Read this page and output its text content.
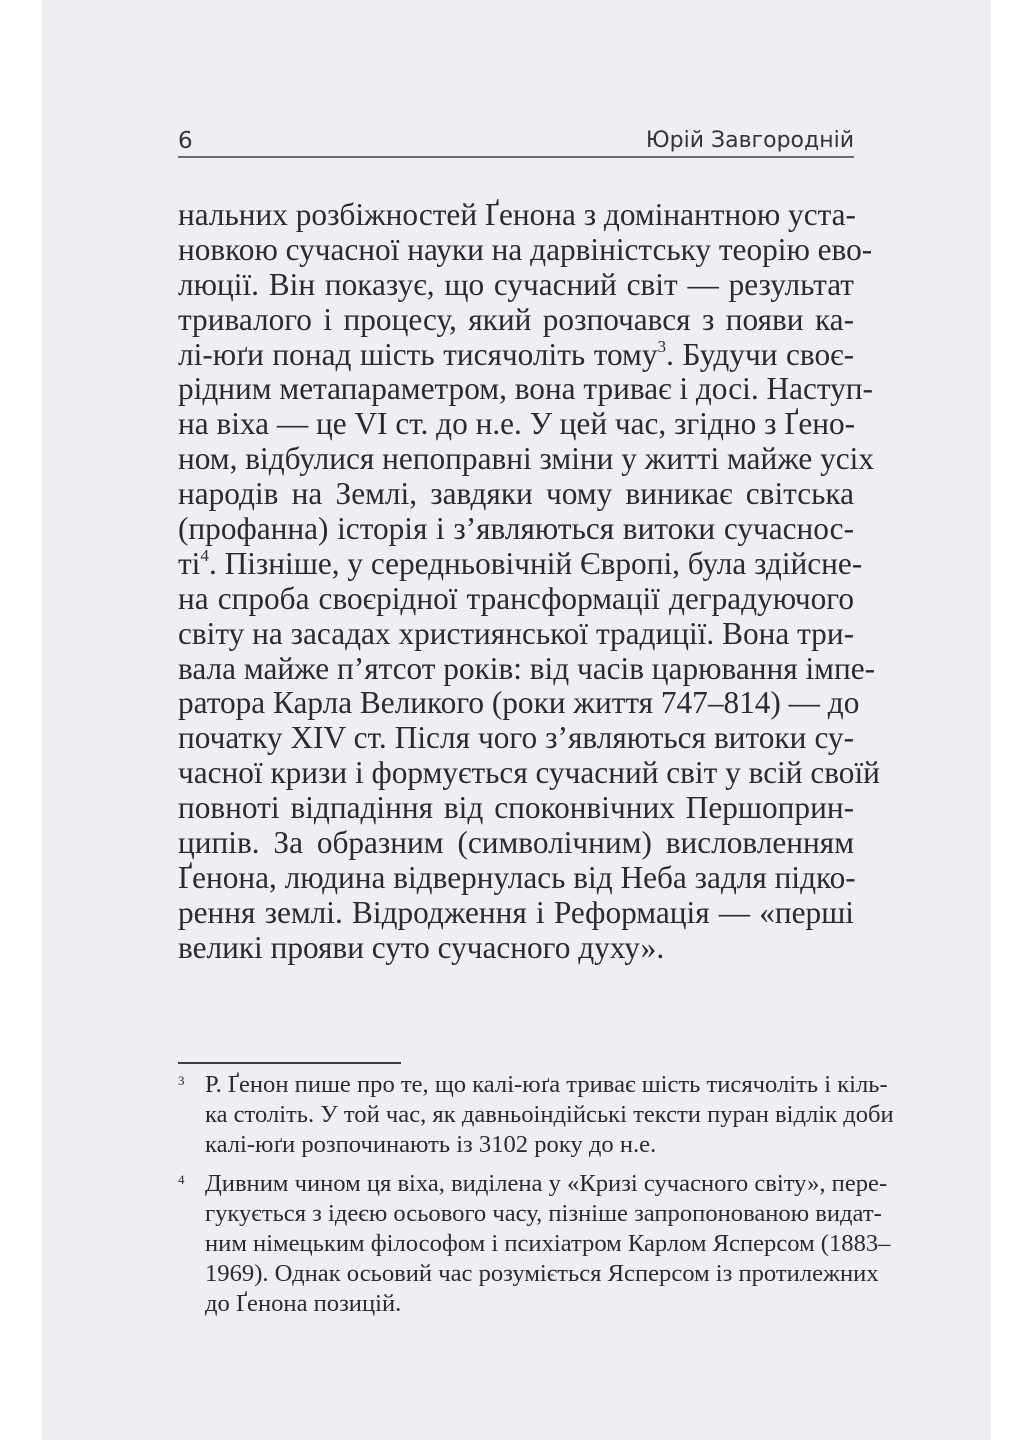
6	Юрій Завгородній
нальних розбіжностей Ґенона з домінантною уста-
новкою сучасної науки на дарвіністську теорію ево-
люції. Він показує, що сучасний світ — результат
тривалого і процесу, який розпочався з появи ка-
лі-юґи понад шість тисячоліть тому$^3$. Будучи своє-
рідним метапараметром, вона триває і досі. Наступ-
на віха — це VI ст. до н.е. У цей час, згідно з Ґено-
ном, відбулися непоправні зміни у житті майже усіх
народів на Землі, завдяки чому виникає світська
(профанна) історія і з’являються витоки сучаснос-
$ті^4$. Пізніше, у середньовічній Європі, була здійсне-
на спроба своєрідної трансформації деградуючого
світу на засадах християнської традиції. Вона три-
вала майже п’ятсот років: від часів царювання імпе-
ратора Карла Великого (роки життя 747–814) — до
початку XIV ст. Після чого з’являються витоки су-
часної кризи і формується сучасний світ у всій своїй
повноті відпадіння від споконвічних Першоприн-
ципів. За образним (символічним) висловленням
Ґенона, людина відвернулась від Неба задля підко-
рення землі. Відродження і Реформація — «перші
великі прояви суто сучасного духу».
3 Р. Ґенон пише про те, що калі-юґа триває шість тисячоліть і кіль-
ка століть. У той час, як давньоіндійські тексти пуран відлік доби
калі-юґи розпочинають із 3102 року до н.е.
4 Дивним чином ця віха, виділена у «Кризі сучасного світу», пере-
гукується з ідеєю осьового часу, пізніше запропонованою видат-
ним німецьким філософом і психіатром Карлом Ясперсом (1883–
1969). Однак осьовий час розуміється Ясперсом із протилежних
до Ґенона позицій.
